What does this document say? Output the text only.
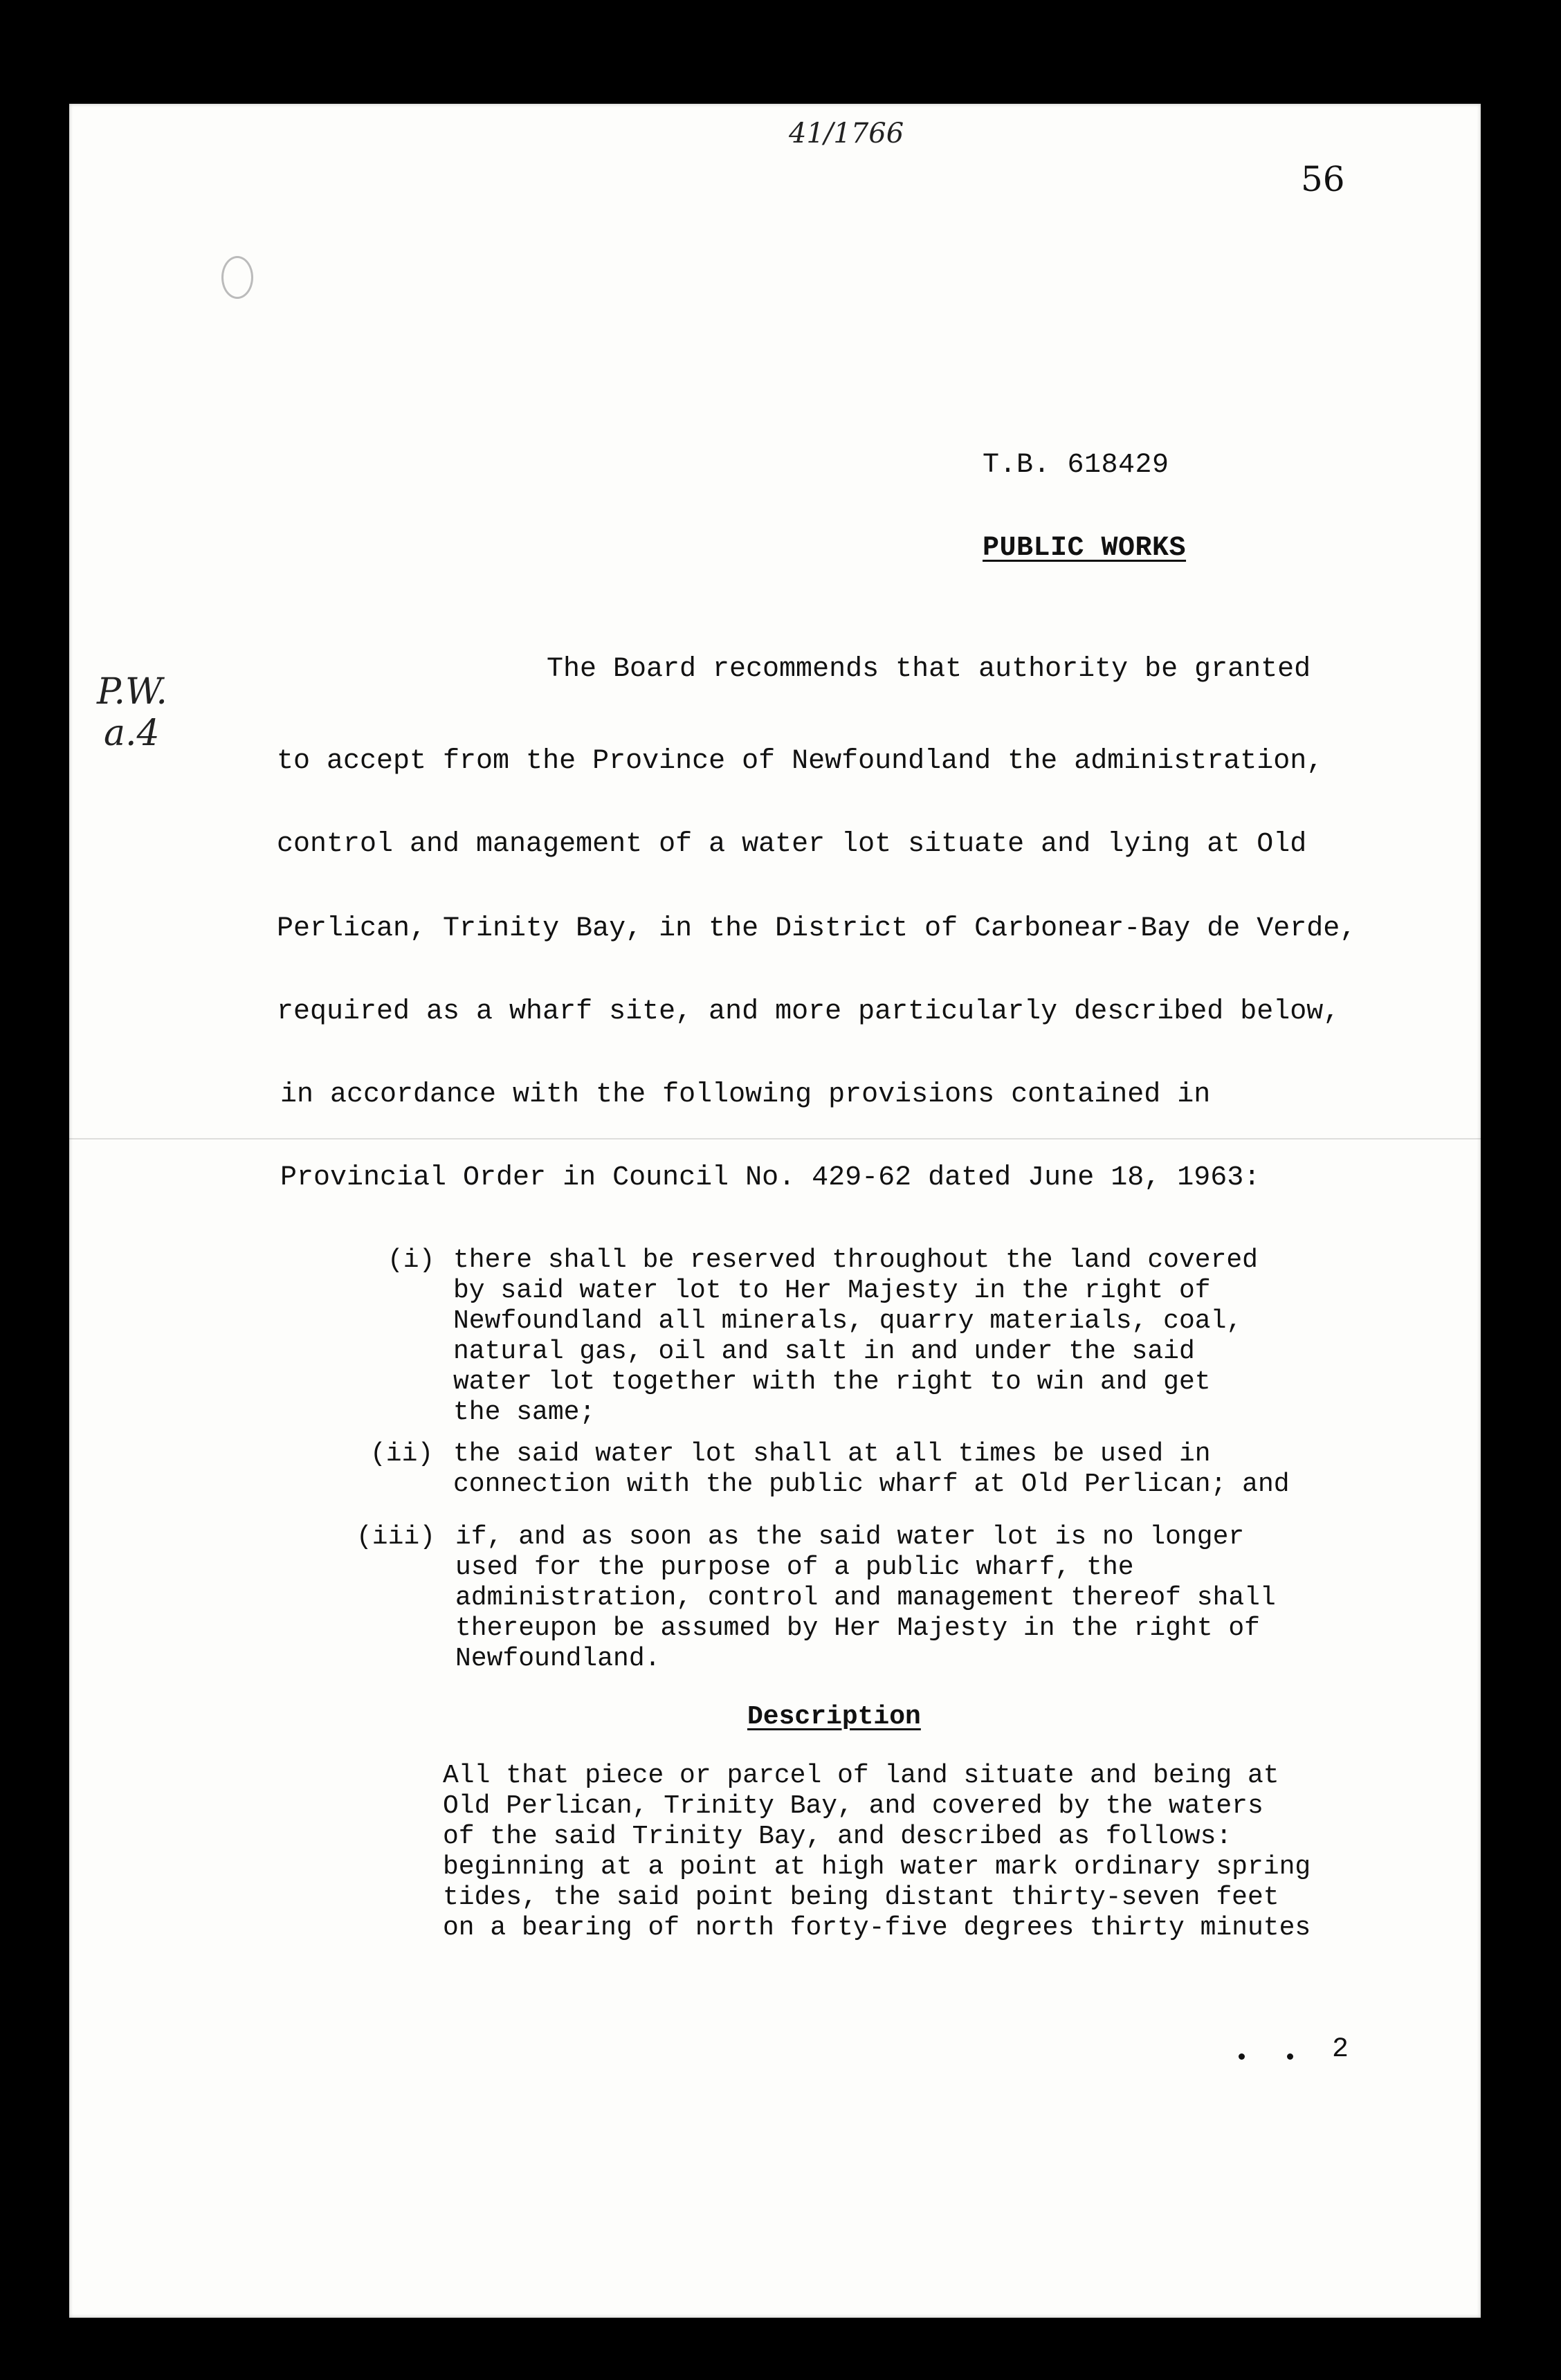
41/1766
56
T.B. 618429
PUBLIC WORKS
P.W.
a.4
The Board recommends that authority be granted
to accept from the Province of Newfoundland the administration,
control and management of a water lot situate and lying at Old
Perlican, Trinity Bay, in the District of Carbonear-Bay de Verde,
required as a wharf site, and more particularly described below,
in accordance with the following provisions contained in
Provincial Order in Council No. 429-62 dated June 18, 1963:
(i) there shall be reserved throughout the land covered
by said water lot to Her Majesty in the right of
Newfoundland all minerals, quarry materials, coal,
natural gas, oil and salt in and under the said
water lot together with the right to win and get
the same;
(ii) the said water lot shall at all times be used in
connection with the public wharf at Old Perlican; and
(iii) if, and as soon as the said water lot is no longer
used for the purpose of a public wharf, the
administration, control and management thereof shall
thereupon be assumed by Her Majesty in the right of
Newfoundland.
Description
All that piece or parcel of land situate and being at
Old Perlican, Trinity Bay, and covered by the waters
of the said Trinity Bay, and described as follows:
beginning at a point at high water mark ordinary spring
tides, the said point being distant thirty-seven feet
on a bearing of north forty-five degrees thirty minutes
2
